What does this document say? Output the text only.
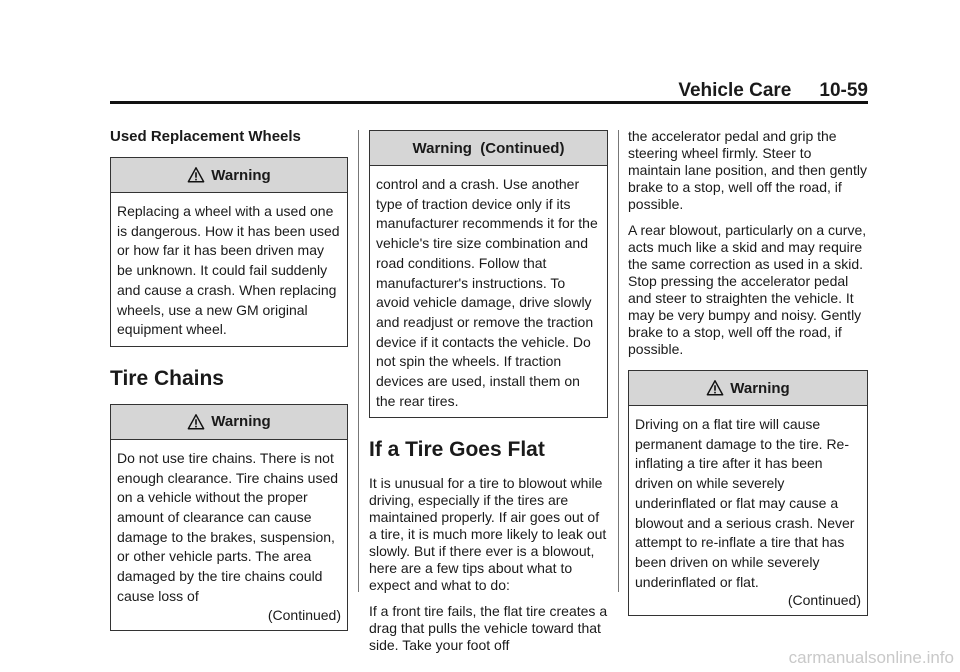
Vehicle Care 10-59
Used Replacement Wheels
Warning
Replacing a wheel with a used one is dangerous. How it has been used or how far it has been driven may be unknown. It could fail suddenly and cause a crash. When replacing wheels, use a new GM original equipment wheel.
Tire Chains
Warning
Do not use tire chains. There is not enough clearance. Tire chains used on a vehicle without the proper amount of clearance can cause damage to the brakes, suspension, or other vehicle parts. The area damaged by the tire chains could cause loss of
(Continued)
Warning  (Continued)
control and a crash. Use another type of traction device only if its manufacturer recommends it for the vehicle's tire size combination and road conditions. Follow that manufacturer's instructions. To avoid vehicle damage, drive slowly and readjust or remove the traction device if it contacts the vehicle. Do not spin the wheels. If traction devices are used, install them on the rear tires.
If a Tire Goes Flat
It is unusual for a tire to blowout while driving, especially if the tires are maintained properly. If air goes out of a tire, it is much more likely to leak out slowly. But if there ever is a blowout, here are a few tips about what to expect and what to do:
If a front tire fails, the flat tire creates a drag that pulls the vehicle toward that side. Take your foot off
the accelerator pedal and grip the steering wheel firmly. Steer to maintain lane position, and then gently brake to a stop, well off the road, if possible.
A rear blowout, particularly on a curve, acts much like a skid and may require the same correction as used in a skid. Stop pressing the accelerator pedal and steer to straighten the vehicle. It may be very bumpy and noisy. Gently brake to a stop, well off the road, if possible.
Warning
Driving on a flat tire will cause permanent damage to the tire. Re-inflating a tire after it has been driven on while severely underinflated or flat may cause a blowout and a serious crash. Never attempt to re-inflate a tire that has been driven on while severely underinflated or flat.
(Continued)
carmanualsonline.info
